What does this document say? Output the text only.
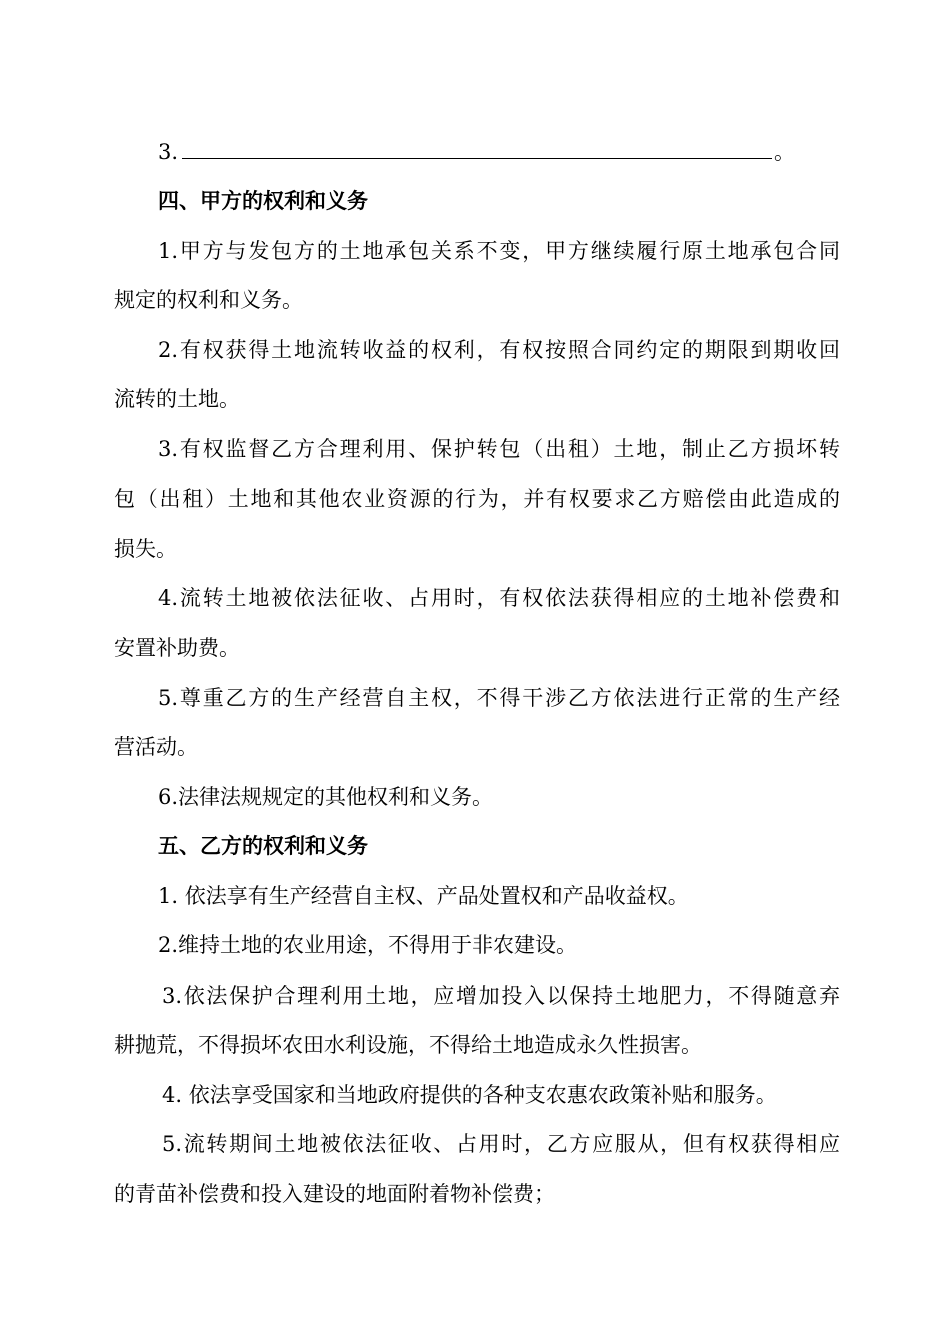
3.	。
四、甲方的权利和义务
1.甲方与发包方的土地承包关系不变，甲方继续履行原土地承包合同
规定的权利和义务。
2.有权获得土地流转收益的权利，有权按照合同约定的期限到期收回
流转的土地。
3.有权监督乙方合理利用、保护转包（出租）土地，制止乙方损坏转
包（出租）土地和其他农业资源的行为，并有权要求乙方赔偿由此造成的
损失。
4.流转土地被依法征收、占用时，有权依法获得相应的土地补偿费和
安置补助费。
5.尊重乙方的生产经营自主权，不得干涉乙方依法进行正常的生产经
营活动。
6.法律法规规定的其他权利和义务。
五、乙方的权利和义务
1. 依法享有生产经营自主权、产品处置权和产品收益权。
2.维持土地的农业用途，不得用于非农建设。
3.依法保护合理利用土地，应增加投入以保持土地肥力，不得随意弃
耕抛荒，不得损坏农田水利设施，不得给土地造成永久性损害。
4. 依法享受国家和当地政府提供的各种支农惠农政策补贴和服务。
5.流转期间土地被依法征收、占用时，乙方应服从，但有权获得相应
的青苗补偿费和投入建设的地面附着物补偿费；
